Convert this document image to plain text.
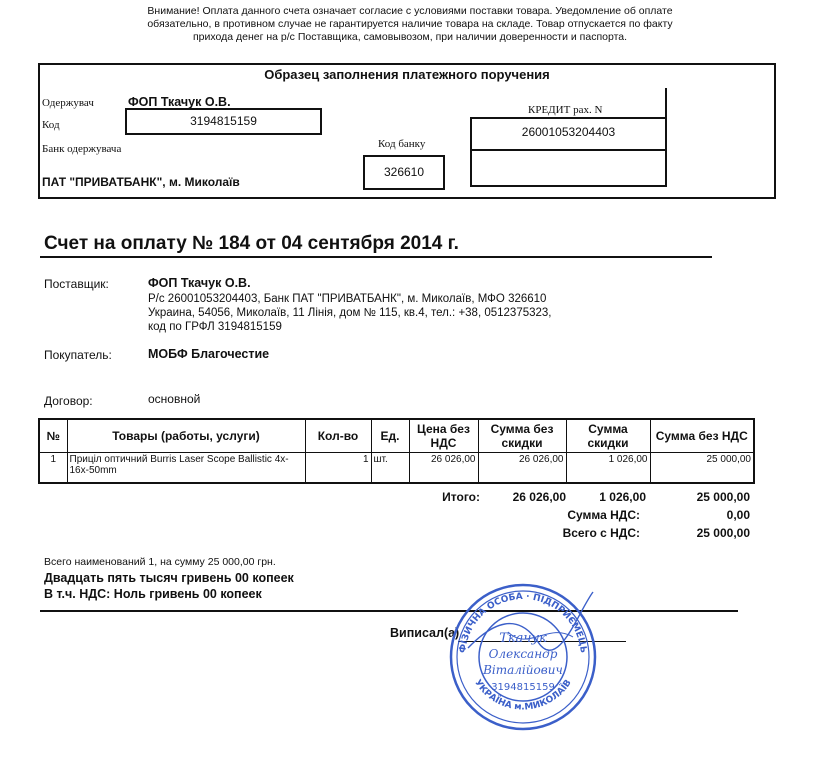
Внимание! Оплата данного счета означает согласие с условиями поставки товара. Уведомление об оплате
обязательно, в противном случае не гарантируется наличие товара на складе. Товар отпускается по факту
прихода денег на р/с Поставщика, самовывозом, при наличии доверенности и паспорта.
Образец заполнения платежного поручения
Одержувач	ФОП Ткачук О.В.
Код	3194815159
Банк одержувача
ПАТ "ПРИВАТБАНК", м. Миколаїв
Код банку
326610
КРЕДИТ рах. N
26001053204403
Счет на оплату № 184 от 04 сентября 2014 г.
Поставщик:	ФОП Ткачук О.В.
Р/с 26001053204403, Банк ПАТ "ПРИВАТБАНК", м. Миколаїв, МФО 326610
Украина, 54056, Миколаїв, 11 Лінія, дом № 115, кв.4, тел.: +38, 0512375323,
код по ГРФЛ 3194815159
Покупатель:	МОБФ Благочестие
Договор:	основной
№	Товары (работы, услуги)	Кол-во	Ед.	Цена без НДС	Сумма без скидки	Сумма скидки	Сумма без НДС
1	Приціл оптичний Burris Laser Scope Ballistic 4x-16x-50mm	1	шт.	26 026,00	26 026,00	1 026,00	25 000,00
Итого:	26 026,00	1 026,00	25 000,00
Сумма НДС:	0,00
Всего с НДС:	25 000,00
Всего наименований 1, на сумму 25 000,00 грн.
Двадцать пять тысяч гривень 00 копеек
В т.ч. НДС: Ноль гривень 00 копеек
Виписал(а)
ФІЗИЧНА ОСОБА · ПІДПРИЄМЕЦЬ
УКРАЇНА м.МИКОЛАЇВ
Ткачук
Олександр
Віталійович
3194815159
